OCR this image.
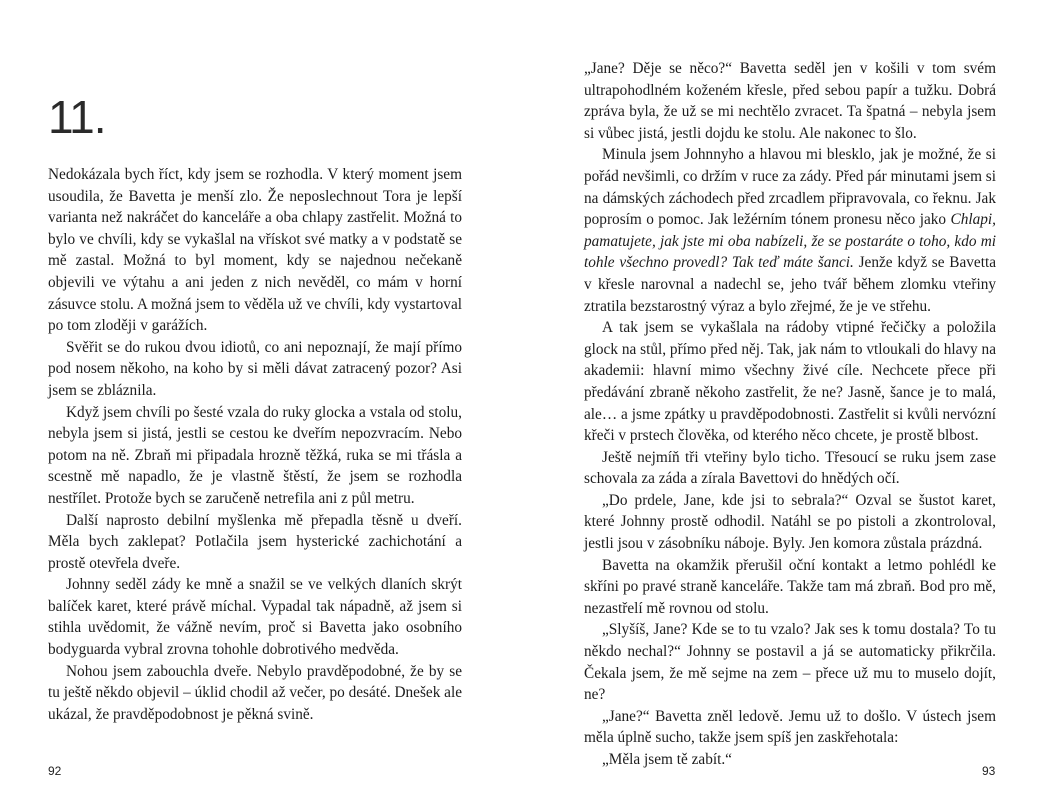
11.

Nedokázala bych říct, kdy jsem se rozhodla. V který moment jsem usoudila, že Bavetta je menší zlo. Že neposlechnout Tora je lepší varianta než nakráčet do kanceláře a oba chlapy zastřelit. Možná to bylo ve chvíli, kdy se vykašlal na vřískot své matky a v podstatě se mě zastal. Možná to byl moment, kdy se najednou nečekaně objevili ve výtahu a ani jeden z nich nevěděl, co mám v horní zásuvce stolu. A možná jsem to věděla už ve chvíli, kdy vystartoval po tom zloději v garážích.

Svěřit se do rukou dvou idiotů, co ani nepoznají, že mají přímo pod nosem někoho, na koho by si měli dávat zatracený pozor? Asi jsem se zbláznila.

Když jsem chvíli po šesté vzala do ruky glocka a vstala od stolu, nebyla jsem si jistá, jestli se cestou ke dveřím nepozvracím. Nebo potom na ně. Zbraň mi připadala hrozně těžká, ruka se mi třásla a scestně mě napadlo, že je vlastně štěstí, že jsem se rozhodla nestřílet. Protože bych se zaručeně netrefila ani z půl metru.

Další naprosto debilní myšlenka mě přepadla těsně u dveří. Měla bych zaklepat? Potlačila jsem hysterické zachichotání a prostě otevřela dveře.

Johnny seděl zády ke mně a snažil se ve velkých dlaních skrýt balíček karet, které právě míchal. Vypadal tak nápadně, až jsem si stihla uvědomit, že vážně nevím, proč si Bavetta jako osobního bodyguarda vybral zrovna tohohle dobrotivého medvěda.

Nohou jsem zabouchla dveře. Nebylo pravděpodobné, že by se tu ještě někdo objevil – úklid chodil až večer, po desáté. Dnešek ale ukázal, že pravděpodobnost je pěkná svině.

92

„Jane? Děje se něco?“ Bavetta seděl jen v košili v tom svém ultrapohodlném koženém křesle, před sebou papír a tužku. Dobrá zpráva byla, že už se mi nechtělo zvracet. Ta špatná – nebyla jsem si vůbec jistá, jestli dojdu ke stolu. Ale nakonec to šlo.

Minula jsem Johnnyho a hlavou mi blesklo, jak je možné, že si pořád nevšimli, co držím v ruce za zády. Před pár minutami jsem si na dámských záchodech před zrcadlem připravovala, co řeknu. Jak poprosím o pomoc. Jak ležérním tónem pronesu něco jako Chlapi, pamatujete, jak jste mi oba nabízeli, že se postaráte o toho, kdo mi tohle všechno provedl? Tak teď máte šanci. Jenže když se Bavetta v křesle narovnal a nadechl se, jeho tvář během zlomku vteřiny ztratila bezstarostný výraz a bylo zřejmé, že je ve střehu.

A tak jsem se vykašlala na rádoby vtipné řečičky a položila glock na stůl, přímo před něj. Tak, jak nám to vtloukali do hlavy na akademii: hlavní mimo všechny živé cíle. Nechcete přece při předávání zbraně někoho zastřelit, že ne? Jasně, šance je to malá, ale… a jsme zpátky u pravděpodobnosti. Zastřelit si kvůli nervózní křeči v prstech člověka, od kterého něco chcete, je prostě blbost.

Ještě nejmíň tři vteřiny bylo ticho. Třesoucí se ruku jsem zase schovala za záda a zírala Bavettovi do hnědých očí.

„Do prdele, Jane, kde jsi to sebrala?“ Ozval se šustot karet, které Johnny prostě odhodil. Natáhl se po pistoli a zkontroloval, jestli jsou v zásobníku náboje. Byly. Jen komora zůstala prázdná.

Bavetta na okamžik přerušil oční kontakt a letmo pohlédl ke skříni po pravé straně kanceláře. Takže tam má zbraň. Bod pro mě, nezastřelí mě rovnou od stolu.

„Slyšíš, Jane? Kde se to tu vzalo? Jak ses k tomu dostala? To tu někdo nechal?“ Johnny se postavil a já se automaticky přikrčila. Čekala jsem, že mě sejme na zem – přece už mu to muselo dojít, ne?

„Jane?“ Bavetta zněl ledově. Jemu už to došlo. V ústech jsem měla úplně sucho, takže jsem spíš jen zaskřehotala:

„Měla jsem tě zabít.“

93
